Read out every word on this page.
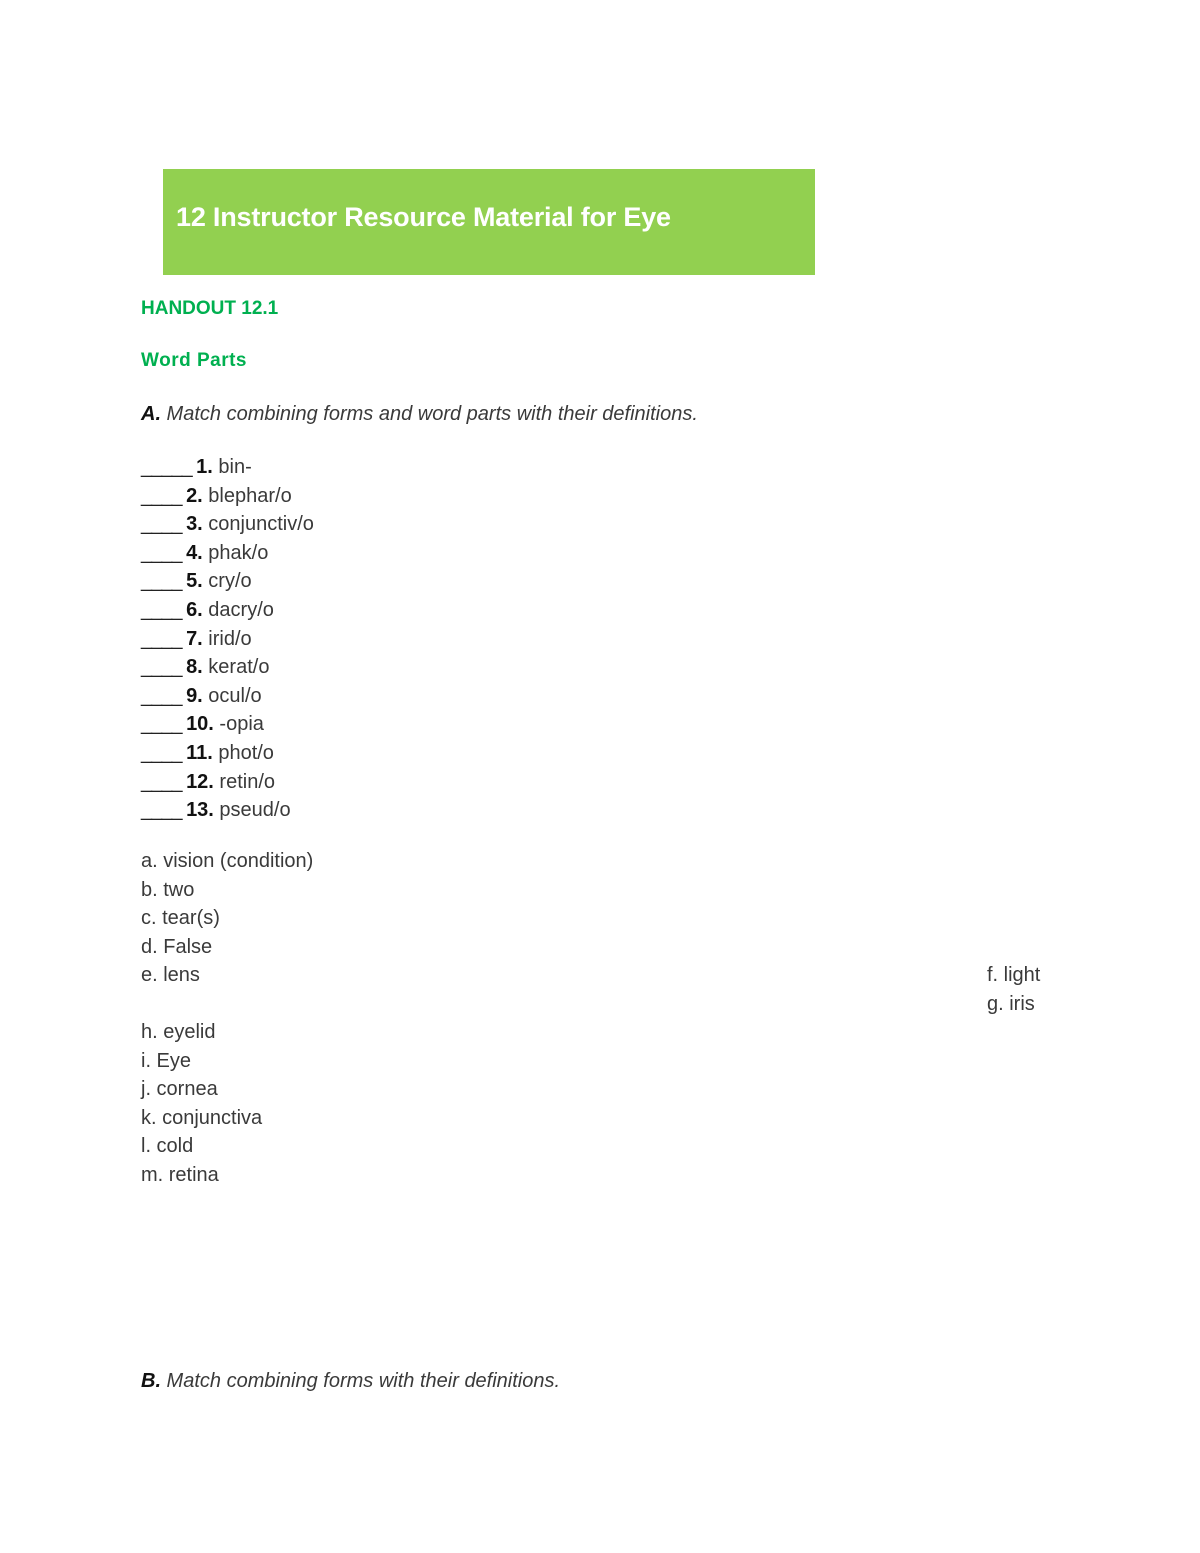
12 Instructor Resource Material for Eye
HANDOUT 12.1
Word Parts
A. Match combining forms and word parts with their definitions.
_____ 1. bin-
____ 2. blephar/o
____ 3. conjunctiv/o
____ 4. phak/o
____ 5. cry/o
____ 6. dacry/o
____ 7. irid/o
____ 8. kerat/o
____ 9. ocul/o
____ 10. -opia
____ 11. phot/o
____ 12. retin/o
____ 13. pseud/o
a. vision (condition)
b. two
c. tear(s)
d. False
e. lens	f. light
g. iris
h. eyelid
i. Eye
j. cornea
k. conjunctiva
l. cold
m. retina
B. Match combining forms with their definitions.
